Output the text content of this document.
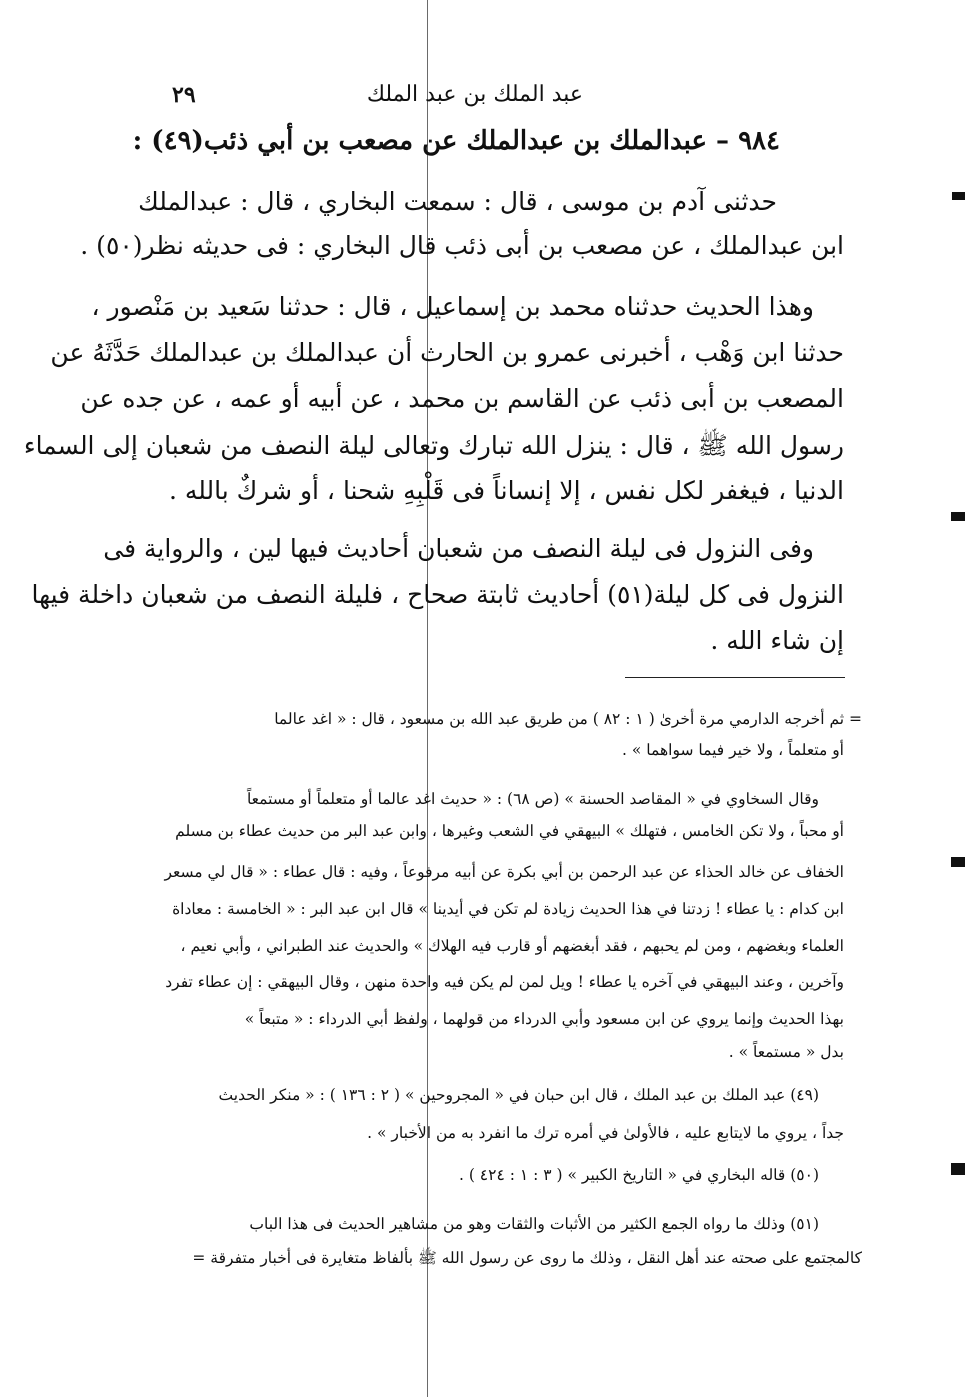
عبد الملك بن عبد الملك
٢٩
٩٨٤ – عبدالملك بن عبدالملك عن مصعب بن أبي ذئب(٤٩) :
حدثنى آدم بن موسى ، قال : سمعت البخاري ، قال : عبدالملك
ابن عبدالملك ، عن مصعب بن أبى ذئب قال البخاري : فى حديثه نظر(٥٠) .
وهذا الحديث حدثناه محمد بن إسماعيل ، قال : حدثنا سَعيد بن مَنْصور ،
حدثنا ابن وَهْب ، أخبرنى عمرو بن الحارث أن عبدالملك بن عبدالملك حَدَّثَهُ عن
المصعب بن أبى ذئب عن القاسم بن محمد ، عن أبيه أو عمه ، عن جده عن
رسول الله ﷺ ، قال : ينزل الله تبارك وتعالى ليلة النصف من شعبان إلى السماء
الدنيا ، فيغفر لكل نفس ، إلا إنساناً فى قَلْبِهِ شحنا ، أو شركٌ بالله .
وفى النزول فى ليلة النصف من شعبان أحاديث فيها لين ، والرواية فى
النزول فى كل ليلة(٥١) أحاديث ثابتة صحاح ، فليلة النصف من شعبان داخلة فيها
إن شاء الله .
= ثم أخرجه الدارمي مرة أخرىٰ ( ١ : ٨٢ ) من طريق عبد الله بن مسعود ، قال : « اغد عالما
أو متعلماً ، ولا خير فيما سواهما » .
وقال السخاوي في « المقاصد الحسنة » (ص ٦٨) : « حديث اغد عالما أو متعلماً أو مستمعاً
أو محباً ، ولا تكن الخامس ، فتهلك » البيهقي في الشعب وغيرها ، وابن عبد البر من حديث عطاء بن مسلم
الخفاف عن خالد الحذاء عن عبد الرحمن بن أبي بكرة عن أبيه مرفوعاً ، وفيه : قال عطاء : « قال لي مسعر
ابن كدام : يا عطاء ! زدتنا في هذا الحديث زيادة لم تكن في أيدينا » قال ابن عبد البر : « الخامسة : معاداة
العلماء وبغضهم ، ومن لم يحبهم ، فقد أبغضهم أو قارب فيه الهلاك » والحديث عند الطبراني ، وأبي نعيم ،
وآخرين ، وعند البيهقي في آخره يا عطاء ! ويل لمن لم يكن فيه واحدة منهن ، وقال البيهقي : إن عطاء تفرد
بهذا الحديث وإنما يروي عن ابن مسعود وأبي الدرداء من قولهما ، ولفظ أبي الدرداء : « متبعاً »
بدل « مستمعاً » .
(٤٩) عبد الملك بن عبد الملك ، قال ابن حبان في « المجروحين » ( ٢ : ١٣٦ ) : « منكر الحديث
جداً ، يروي ما لايتابع عليه ، فالأولىٰ في أمره ترك ما انفرد به من الأخبار » .
(٥٠) قاله البخاري في « التاريخ الكبير » ( ٣ : ١ : ٤٢٤ ) .
(٥١) وذلك ما رواه الجمع الكثير من الأثبات والثقات وهو من مشاهير الحديث فى هذا الباب
كالمجتمع على صحته عند أهل النقل ، وذلك ما روى عن رسول الله ﷺ بألفاظ متغايرة فى أخبار متفرقة =
